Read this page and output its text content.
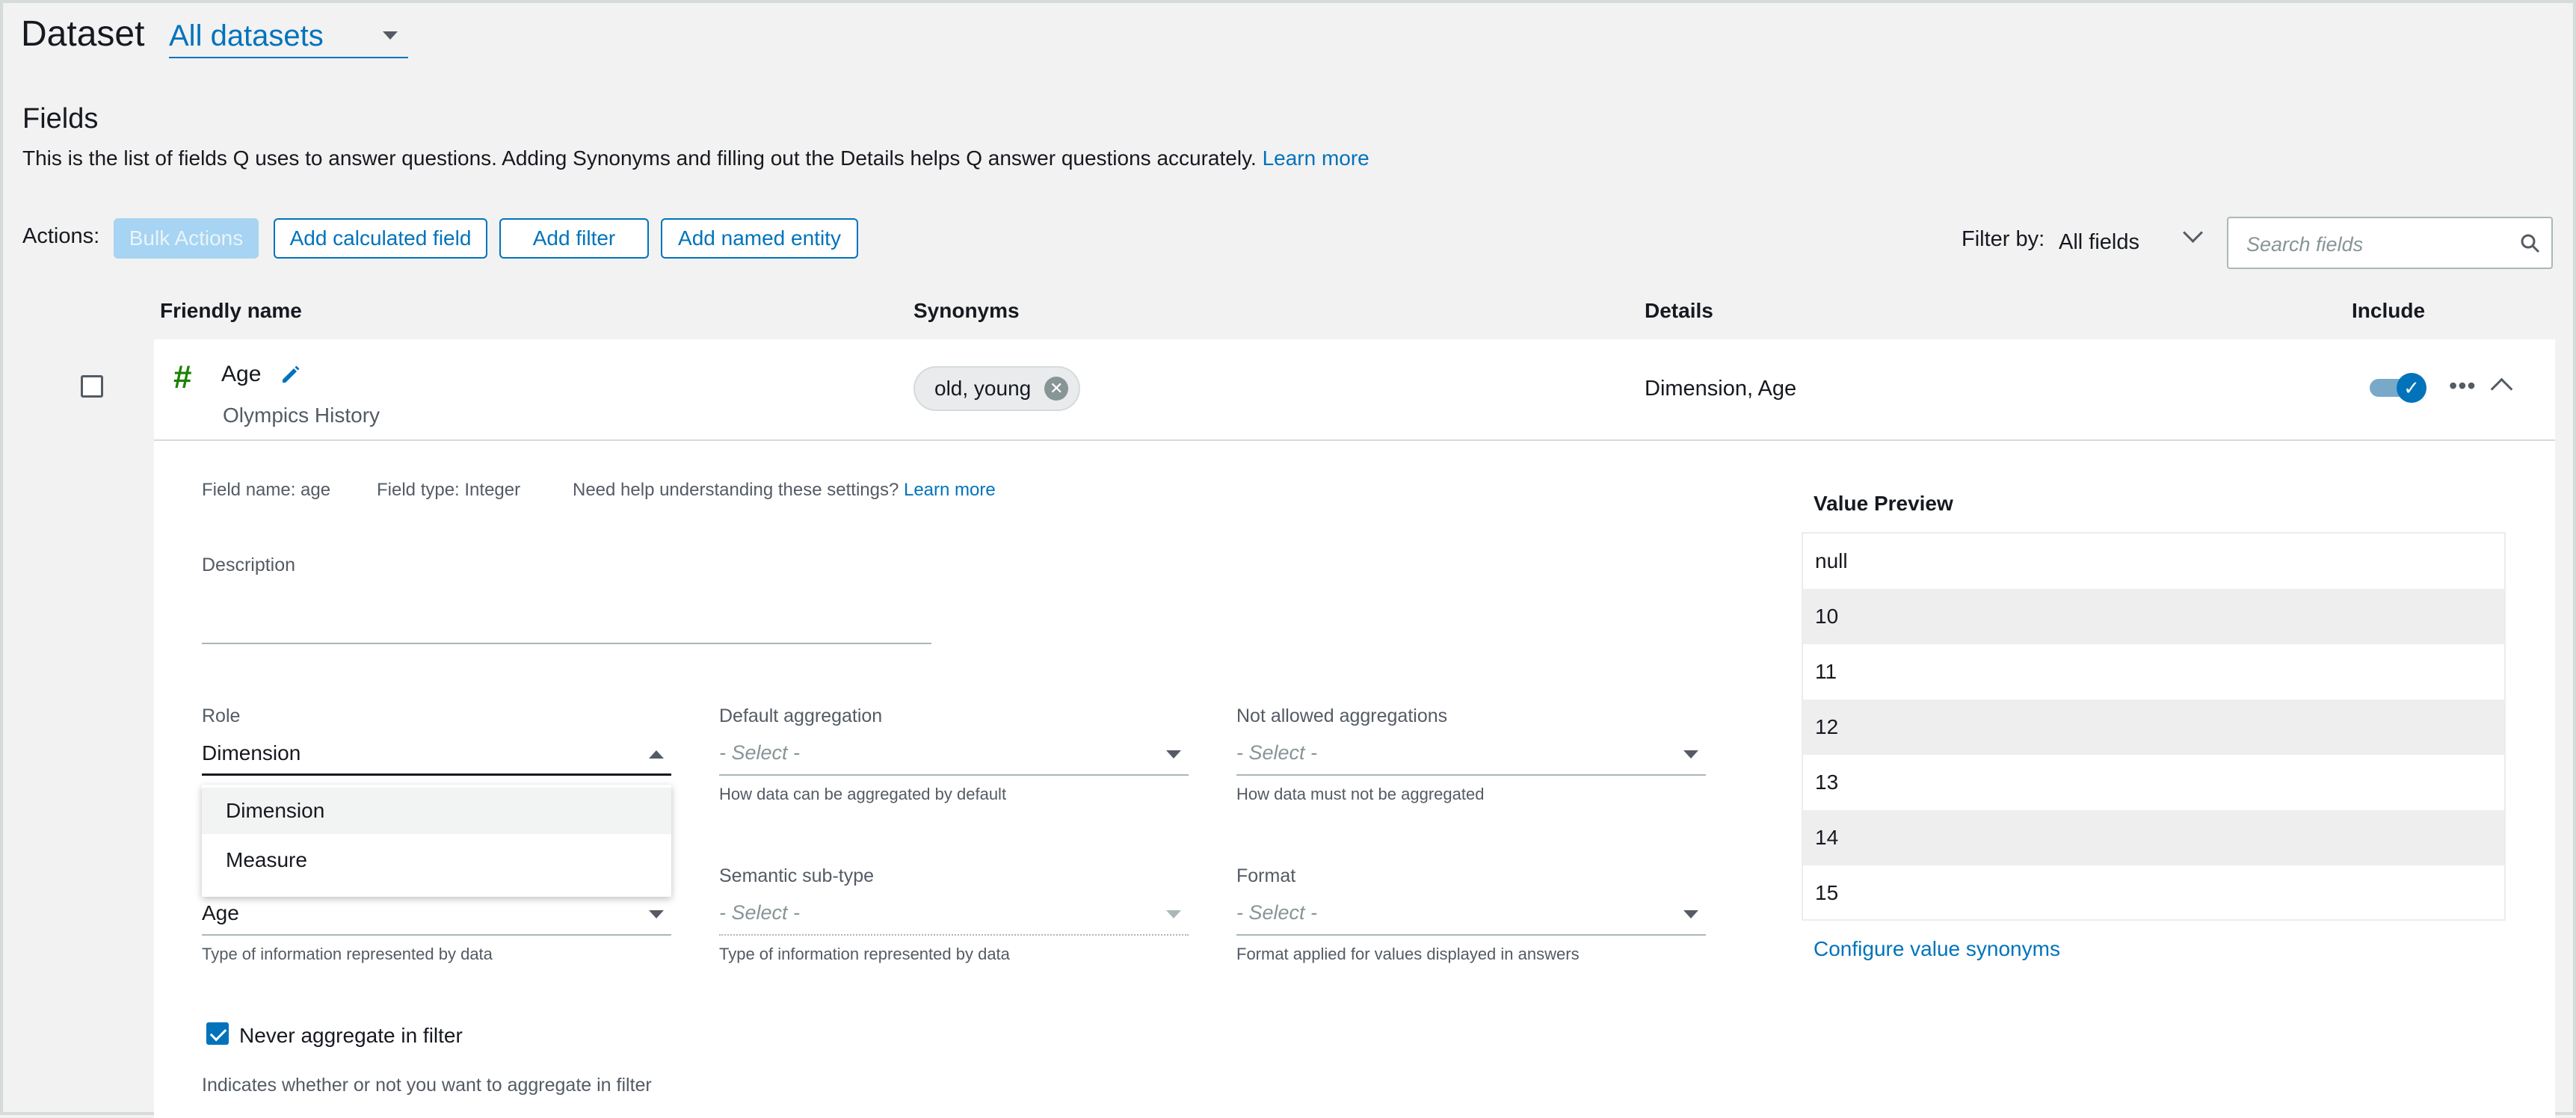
Dataset All datasets
Fields
This is the list of fields Q uses to answer questions. Adding Synonyms and filling out the Details helps Q answer questions accurately. Learn more
Actions:	Bulk Actions	Add calculated field	Add filter	Add named entity	Filter by: All fields
Search fields
Friendly name	Synonyms	Details	Include
# Age
Olympics History
old, young	✕	Dimension, Age	✓ •••
Field name: age	Field type: Integer	Need help understanding these settings? Learn more
Description
Role
Dimension
Default aggregation
- Select -
How data can be aggregated by default
Not allowed aggregations
- Select -
How data must not be aggregated
Age
Type of information represented by data
Semantic sub-type
- Select -
Type of information represented by data
Format
- Select -
Format applied for values displayed in answers
Dimension
Measure
Never aggregate in filter
Indicates whether or not you want to aggregate in filter
Value Preview
null
10
11
12
13
14
15
Configure value synonyms
